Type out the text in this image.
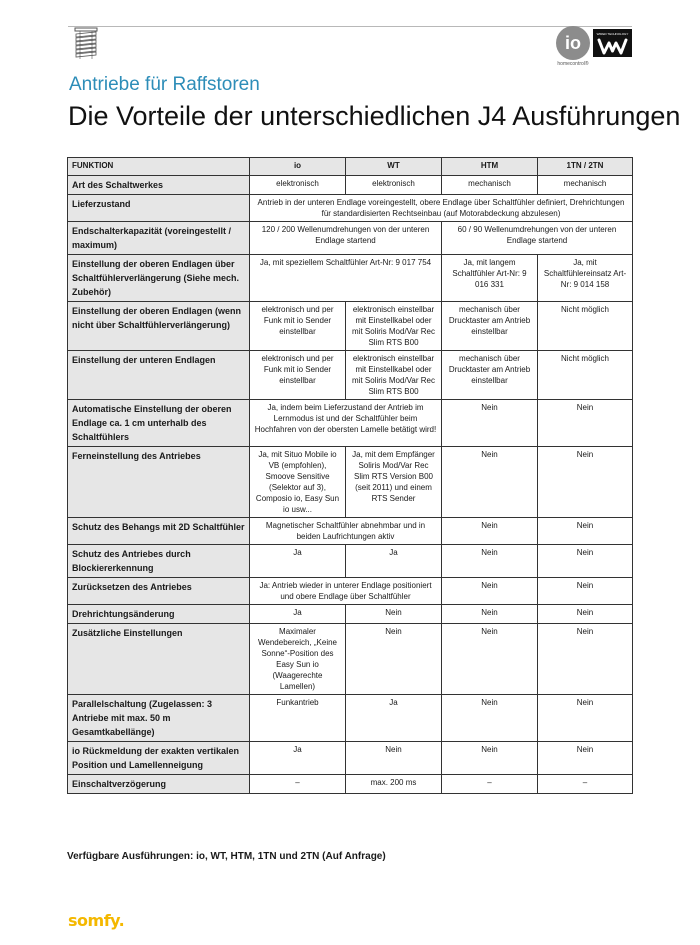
io
homecontrol®
WIRED TECHNOLOGY
Antriebe für Raffstoren
Die Vorteile der unterschiedlichen J4 Ausführungen
FUNKTION	io	WT	HTM	1TN / 2TN
Art des Schaltwerkes	elektronisch	elektronisch	mechanisch	mechanisch
Lieferzustand	Antrieb in der unteren Endlage voreingestellt, obere Endlage über Schaltfühler definiert, Drehrichtungen für standardisierten Rechtseinbau (auf Motorabdeckung abzulesen)			
Endschalterkapazität (voreingestellt / maximum)	120 / 200 Wellenumdrehungen von der unteren Endlage startend		60 / 90 Wellenumdrehungen von der unteren Endlage startend	
Einstellung der oberen Endlagen über Schaltfühlerverlängerung (Siehe mech. Zubehör)	Ja, mit speziellem Schaltfühler Art-Nr: 9 017 754		Ja, mit langem Schaltfühler Art-Nr: 9 016 331	Ja, mit Schaltfühlereinsatz Art-Nr: 9 014 158
Einstellung der oberen Endlagen (wenn nicht über Schaltfühlerverlängerung)	elektronisch und per Funk mit io Sender einstellbar	elektronisch einstellbar mit Einstellkabel oder mit Soliris Mod/Var Rec Slim RTS B00	mechanisch über Drucktaster am Antrieb einstellbar	Nicht möglich
Einstellung der unteren Endlagen	elektronisch und per Funk mit io Sender einstellbar	elektronisch einstellbar mit Einstellkabel oder mit Soliris Mod/Var Rec Slim RTS B00	mechanisch über Drucktaster am Antrieb einstellbar	Nicht möglich
Automatische Einstellung der oberen Endlage ca. 1 cm unterhalb des Schaltfühlers	Ja, indem beim Lieferzustand der Antrieb im Lernmodus ist und der Schaltfühler beim Hochfahren von der obersten Lamelle betätigt wird!		Nein	Nein
Ferneinstellung des Antriebes	Ja, mit Situo Mobile io VB (empfohlen), Smoove Sensitive (Selektor auf 3), Composio io, Easy Sun io usw...	Ja, mit dem Empfänger Soliris Mod/Var Rec Slim RTS Version B00 (seit 2011) und einem RTS Sender	Nein	Nein
Schutz des Behangs mit 2D Schaltfühler	Magnetischer Schaltfühler abnehmbar und in beiden Laufrichtungen aktiv		Nein	Nein
Schutz des Antriebes durch Blockiererkennung	Ja	Ja	Nein	Nein
Zurücksetzen des Antriebes	Ja: Antrieb wieder in unterer Endlage positioniert und obere Endlage über Schaltfühler		Nein	Nein
Drehrichtungsänderung	Ja	Nein	Nein	Nein
Zusätzliche Einstellungen	Maximaler Wendebereich, „Keine Sonne“-Position des Easy Sun io (Waagerechte Lamellen)	Nein	Nein	Nein
Parallelschaltung (Zugelassen: 3 Antriebe mit max. 50 m Gesamtkabellänge)	Funkantrieb	Ja	Nein	Nein
io Rückmeldung der exakten vertikalen Position und Lamellenneigung	Ja	Nein	Nein	Nein
Einschaltverzögerung	–	max. 200 ms	–	–
Verfügbare Ausführungen: io, WT, HTM, 1TN und 2TN (Auf Anfrage)
somfy.
